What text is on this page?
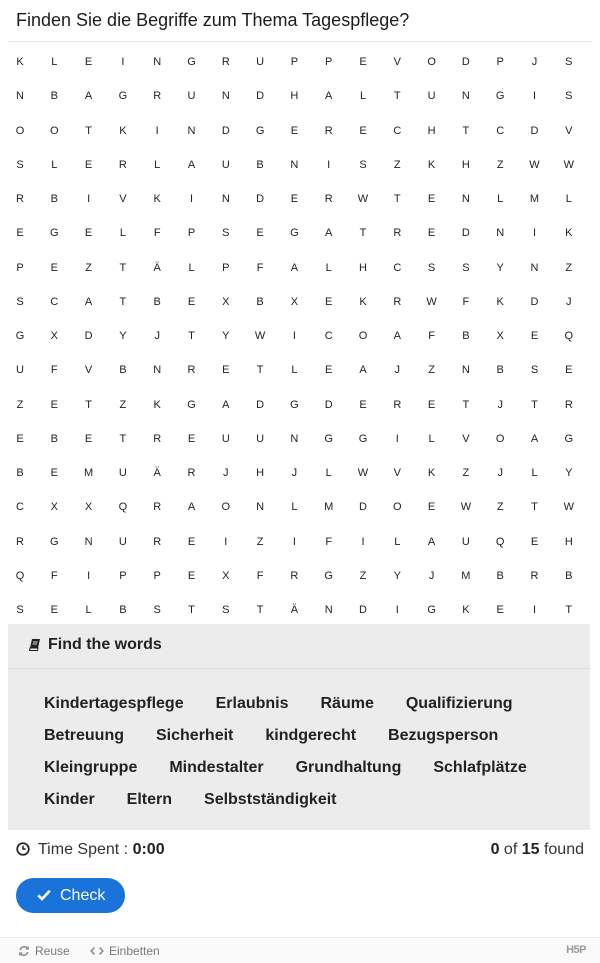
Finden Sie die Begriffe zum Thema Tagespflege?
K	L	E	I	N	G	R	U	P	P	E	V	O	D	P	J	S
N	B	A	G	R	U	N	D	H	A	L	T	U	N	G	I	S
O	O	T	K	I	N	D	G	E	R	E	C	H	T	C	D	V
S	L	E	R	L	A	U	B	N	I	S	Z	K	H	Z	W	W
R	B	I	V	K	I	N	D	E	R	W	T	E	N	L	M	L
E	G	E	L	F	P	S	E	G	A	T	R	E	D	N	I	K
P	E	Z	T	Ä	L	P	F	A	L	H	C	S	S	Y	N	Z
S	C	A	T	B	E	X	B	X	E	K	R	W	F	K	D	J
G	X	D	Y	J	T	Y	W	I	C	O	A	F	B	X	E	Q
U	F	V	B	N	R	E	T	L	E	A	J	Z	N	B	S	E
Z	E	T	Z	K	G	A	D	G	D	E	R	E	Т	J	T	R
E	B	E	T	R	E	U	U	N	G	G	I	L	V	O	A	G
B	E	M	U	Ä	R	J	H	J	L	W	V	K	Z	J	L	Y
C	X	X	Q	R	A	O	N	L	M	D	O	E	W	Z	T	W
R	G	N	U	R	E	I	Z	I	F	I	L	A	U	Q	E	H
Q	F	I	P	P	E	X	F	R	G	Z	Y	J	M	B	R	B
S	E	L	B	S	T	S	T	Ä	N	D	I	G	K	E	I	T
Find the words
Kindertagespflege Erlaubnis Räume Qualifizierung
Betreuung Sicherheit kindgerecht Bezugsperson
Kleingruppe Mindestalter Grundhaltung Schlafplätze
Kinder Eltern Selbstständigkeit
Time Spent : 0:00	0 of 15 found
Check
Reuse	Einbetten	H5P
